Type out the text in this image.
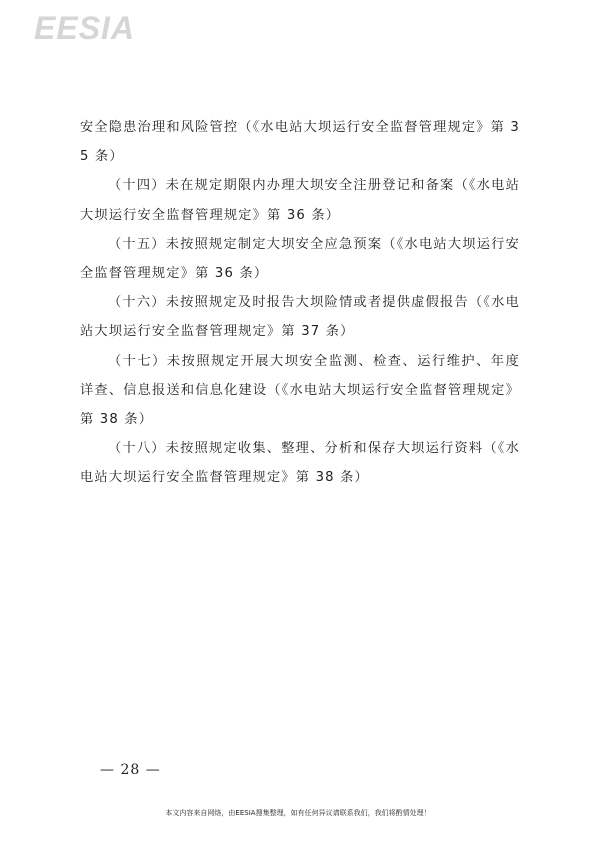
EESIA

安全隐患治理和风险管控（《水电站大坝运行安全监督管理规定》第 35 条）

（十四）未在规定期限内办理大坝安全注册登记和备案（《水电站大坝运行安全监督管理规定》第 36 条）

（十五）未按照规定制定大坝安全应急预案（《水电站大坝运行安全监督管理规定》第 36 条）

（十六）未按照规定及时报告大坝险情或者提供虚假报告（《水电站大坝运行安全监督管理规定》第 37 条）

（十七）未按照规定开展大坝安全监测、检查、运行维护、年度详查、信息报送和信息化建设（《水电站大坝运行安全监督管理规定》第 38 条）

（十八）未按照规定收集、整理、分析和保存大坝运行资料（《水电站大坝运行安全监督管理规定》第 38 条）

— 28 —
本文内容来自网络，由EESIA搜集整理，如有任何异议请联系我们，我们将酌情处理！
